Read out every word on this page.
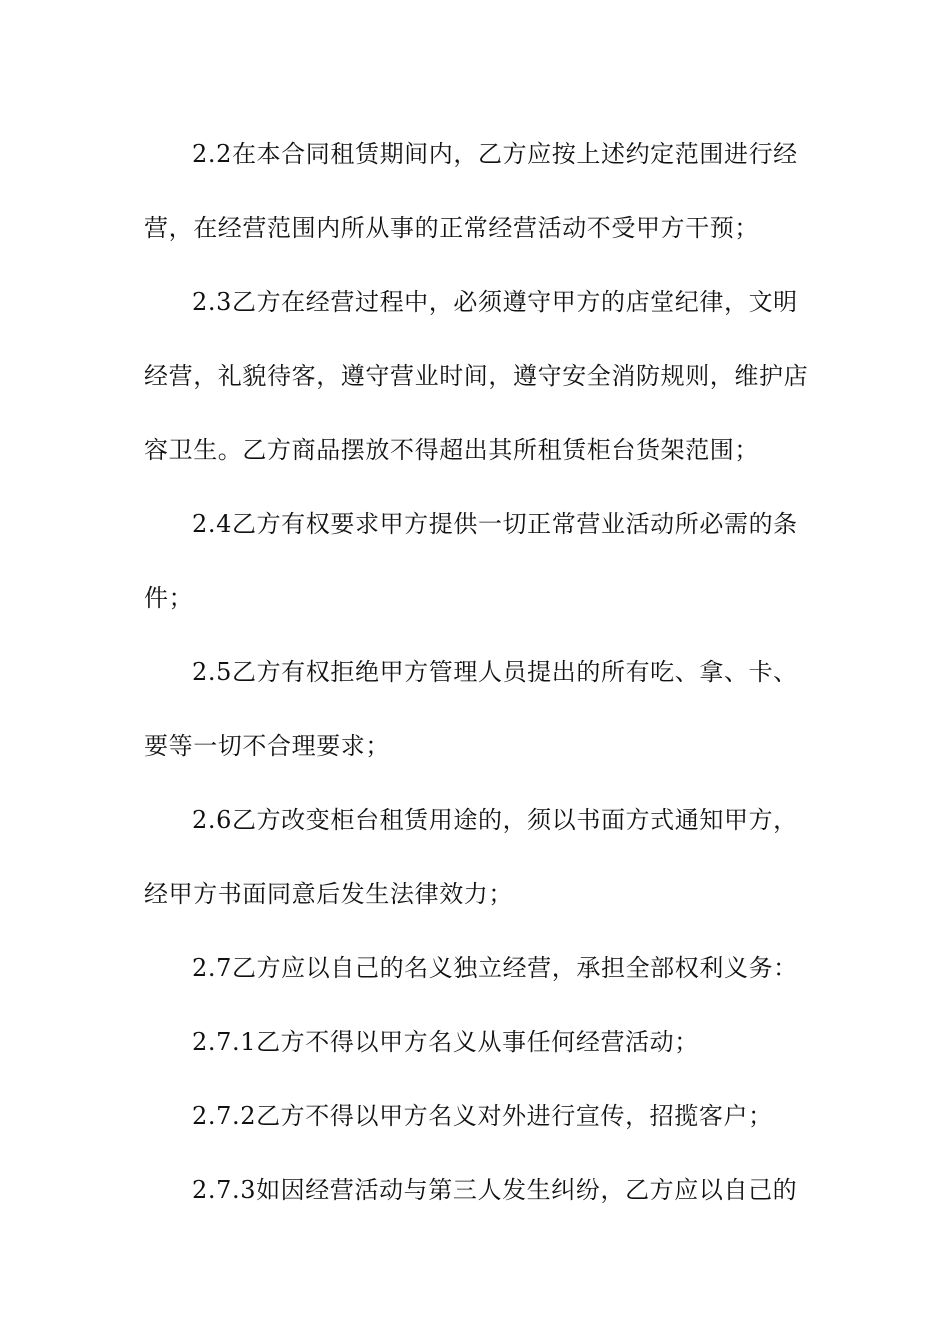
2.2在本合同租赁期间内，乙方应按上述约定范围进行经
营，在经营范围内所从事的正常经营活动不受甲方干预；
2.3乙方在经营过程中，必须遵守甲方的店堂纪律，文明
经营，礼貌待客，遵守营业时间，遵守安全消防规则，维护店
容卫生。乙方商品摆放不得超出其所租赁柜台货架范围；
2.4乙方有权要求甲方提供一切正常营业活动所必需的条
件；
2.5乙方有权拒绝甲方管理人员提出的所有吃、拿、卡、
要等一切不合理要求；
2.6乙方改变柜台租赁用途的，须以书面方式通知甲方，
经甲方书面同意后发生法律效力；
2.7乙方应以自己的名义独立经营，承担全部权利义务：
2.7.1乙方不得以甲方名义从事任何经营活动；
2.7.2乙方不得以甲方名义对外进行宣传，招揽客户；
2.7.3如因经营活动与第三人发生纠纷，乙方应以自己的
